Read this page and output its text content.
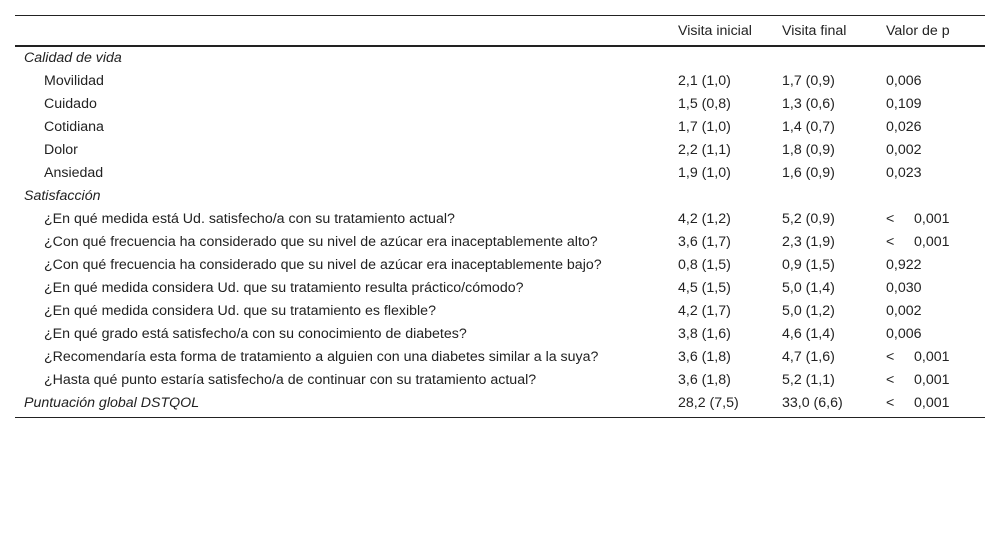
	Visita inicial	Visita final	Valor de p
Calidad de vida			
Movilidad	2,1 (1,0)	1,7 (0,9)	0,006
Cuidado	1,5 (0,8)	1,3 (0,6)	0,109
Cotidiana	1,7 (1,0)	1,4 (0,7)	0,026
Dolor	2,2 (1,1)	1,8 (0,9)	0,002
Ansiedad	1,9 (1,0)	1,6 (0,9)	0,023
Satisfacción			
¿En qué medida está Ud. satisfecho/a con su tratamiento actual?	4,2 (1,2)	5,2 (0,9)	< 0,001
¿Con qué frecuencia ha considerado que su nivel de azúcar era inaceptablemente alto?	3,6 (1,7)	2,3 (1,9)	< 0,001
¿Con qué frecuencia ha considerado que su nivel de azúcar era inaceptablemente bajo?	0,8 (1,5)	0,9 (1,5)	0,922
¿En qué medida considera Ud. que su tratamiento resulta práctico/cómodo?	4,5 (1,5)	5,0 (1,4)	0,030
¿En qué medida considera Ud. que su tratamiento es flexible?	4,2 (1,7)	5,0 (1,2)	0,002
¿En qué grado está satisfecho/a con su conocimiento de diabetes?	3,8 (1,6)	4,6 (1,4)	0,006
¿Recomendaría esta forma de tratamiento a alguien con una diabetes similar a la suya?	3,6 (1,8)	4,7 (1,6)	< 0,001
¿Hasta qué punto estaría satisfecho/a de continuar con su tratamiento actual?	3,6 (1,8)	5,2 (1,1)	< 0,001
Puntuación global DSTQOL	28,2 (7,5)	33,0 (6,6)	< 0,001
